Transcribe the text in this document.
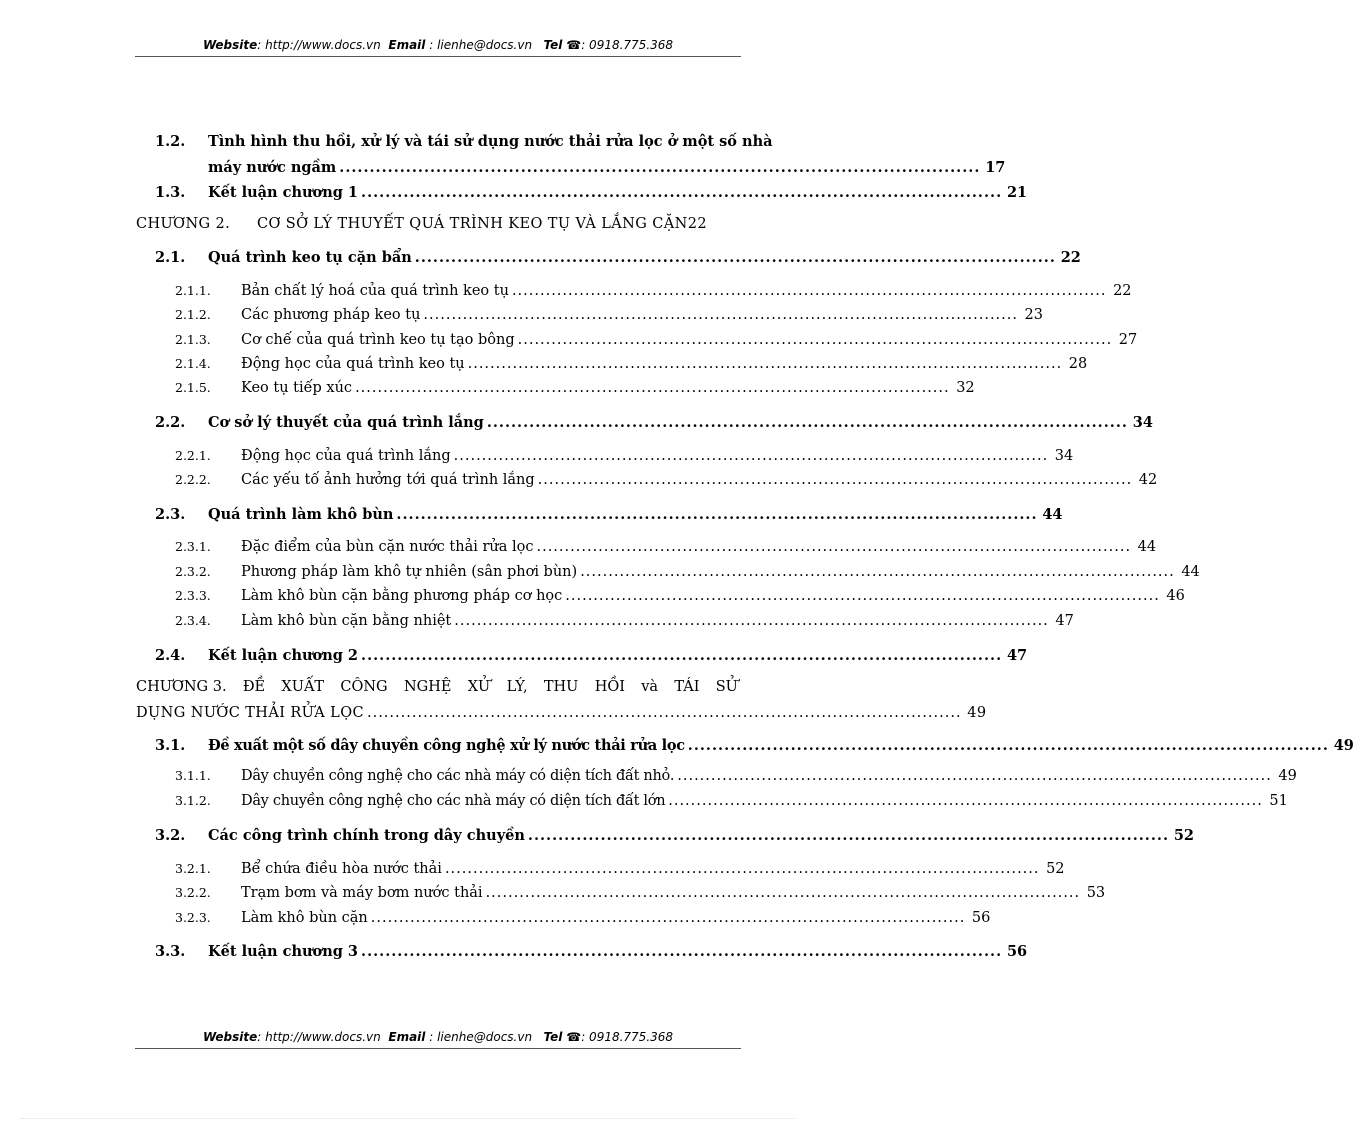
Website: http://www.docs.vn Email : lienhe@docs.vn Tel ☎: 0918.775.368
1.2.	Tình hình thu hồi, xử lý và tái sử dụng nước thải rửa lọc ở một số nhà
máy nước ngầm .......................................................................................................... 17
1.3.	Kết luận chương 1 .......................................................................................................... 21
CHƯƠNG 2.	CƠ SỞ LÝ THUYẾT QUÁ TRÌNH KEO TỤ VÀ LẮNG CẶN 22
2.1.	Quá trình keo tụ cặn bẩn .......................................................................................................... 22
2.1.1.	Bản chất lý hoá của quá trình keo tụ .......................................................................................................... 22
2.1.2.	Các phương pháp keo tụ .......................................................................................................... 23
2.1.3.	Cơ chế của quá trình keo tụ tạo bông .......................................................................................................... 27
2.1.4.	Động học của quá trình keo tụ .......................................................................................................... 28
2.1.5.	Keo tụ tiếp xúc .......................................................................................................... 32
2.2.	Cơ sở lý thuyết của quá trình lắng .......................................................................................................... 34
2.2.1.	Động học của quá trình lắng .......................................................................................................... 34
2.2.2.	Các yếu tố ảnh hưởng tới quá trình lắng .......................................................................................................... 42
2.3.	Quá trình làm khô bùn .......................................................................................................... 44
2.3.1.	Đặc điểm của bùn cặn nước thải rửa lọc .......................................................................................................... 44
2.3.2.	Phương pháp làm khô tự nhiên (sân phơi bùn) .......................................................................................................... 44
2.3.3.	Làm khô bùn cặn bằng phương pháp cơ học .......................................................................................................... 46
2.3.4.	Làm khô bùn cặn bằng nhiệt .......................................................................................................... 47
2.4.	Kết luận chương 2 .......................................................................................................... 47
CHƯƠNG 3. ĐỀ XUẤT CÔNG NGHỆ XỬ LÝ, THU HỒI và TÁI SỬ
DỤNG NƯỚC THẢI RỬA LỌC .......................................................................................................... 49
3.1.	Đề xuất một số dây chuyền công nghệ xử lý nước thải rửa lọc .......................................................................................................... 49
3.1.1.	Dây chuyền công nghệ cho các nhà máy có diện tích đất nhỏ. .......................................................................................................... 49
3.1.2.	Dây chuyền công nghệ cho các nhà máy có diện tích đất lớn .......................................................................................................... 51
3.2.	Các công trình chính trong dây chuyền .......................................................................................................... 52
3.2.1.	Bể chứa điều hòa nước thải .......................................................................................................... 52
3.2.2.	Trạm bơm và máy bơm nước thải .......................................................................................................... 53
3.2.3.	Làm khô bùn cặn .......................................................................................................... 56
3.3.	Kết luận chương 3 .......................................................................................................... 56
Website: http://www.docs.vn Email : lienhe@docs.vn Tel ☎: 0918.775.368
